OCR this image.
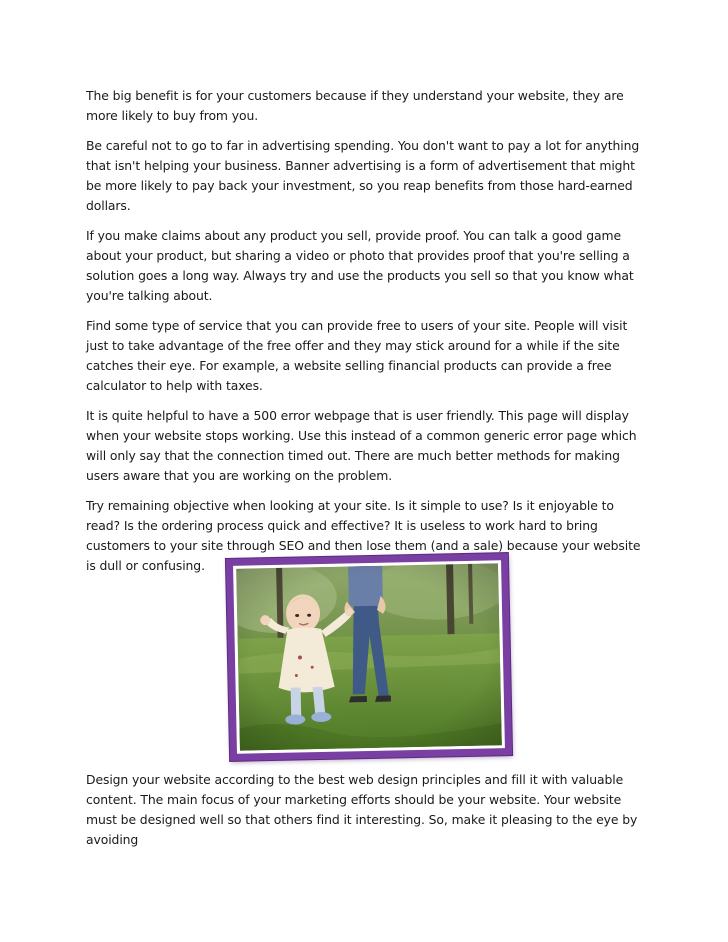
The big benefit is for your customers because if they understand your website, they are more likely to buy from you.

Be careful not to go to far in advertising spending. You don't want to pay a lot for anything that isn't helping your business. Banner advertising is a form of advertisement that might be more likely to pay back your investment, so you reap benefits from those hard-earned dollars.

If you make claims about any product you sell, provide proof. You can talk a good game about your product, but sharing a video or photo that provides proof that you're selling a solution goes a long way. Always try and use the products you sell so that you know what you're talking about.

Find some type of service that you can provide free to users of your site. People will visit just to take advantage of the free offer and they may stick around for a while if the site catches their eye. For example, a website selling financial products can provide a free calculator to help with taxes.

It is quite helpful to have a 500 error webpage that is user friendly. This page will display when your website stops working. Use this instead of a common generic error page which will only say that the connection timed out. There are much better methods for making users aware that you are working on the problem.

Try remaining objective when looking at your site. Is it simple to use? Is it enjoyable to read? Is the ordering process quick and effective? It is useless to work hard to bring customers to your site through SEO and then lose them (and a sale) because your website is dull or confusing.

Design your website according to the best web design principles and fill it with valuable content. The main focus of your marketing efforts should be your website. Your website must be designed well so that others find it interesting. So, make it pleasing to the eye by avoiding
